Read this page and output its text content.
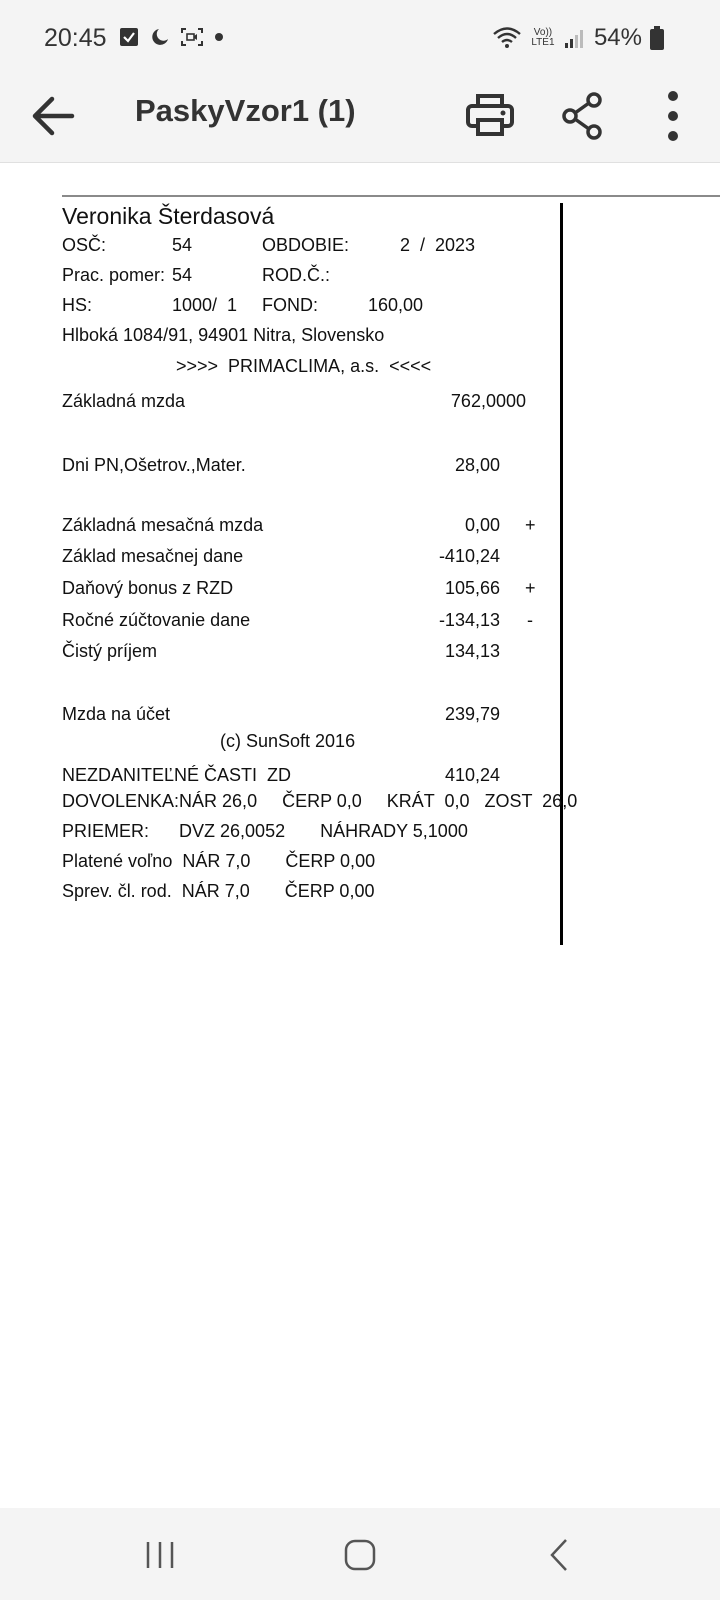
20:45	Vo)) LTE1 54%
PaskyVzor1 (1)
Veronika Šterdasová
OSČ:	54	OBDOBIE:	2  /  2023
Prac. pomer: 54	ROD.Č.:
HS:	1000/  1 FOND:	160,00
Hlboká 1084/91, 94901 Nitra, Slovensko
>>>>  PRIMACLIMA, a.s.  <<<<
Základná mzda	762,0000
Dni PN,Ošetrov.,Mater.	28,00
Základná mesačná mzda	0,00 +
Základ mesačnej dane	-410,24
Daňový bonus z RZD	105,66 +
Ročné zúčtovanie dane	-134,13 -
Čistý príjem	134,13
Mzda na účet	239,79
(c) SunSoft 2016
NEZDANITEĽNÉ ČASTI  ZD	410,24
DOVOLENKA:NÁR 26,0     ČERP 0,0     KRÁT  0,0   ZOST  26,0
PRIEMER:      DVZ 26,0052       NÁHRADY 5,1000
Platené voľno  NÁR 7,0       ČERP 0,00
Sprev. čl. rod.  NÁR 7,0       ČERP 0,00
